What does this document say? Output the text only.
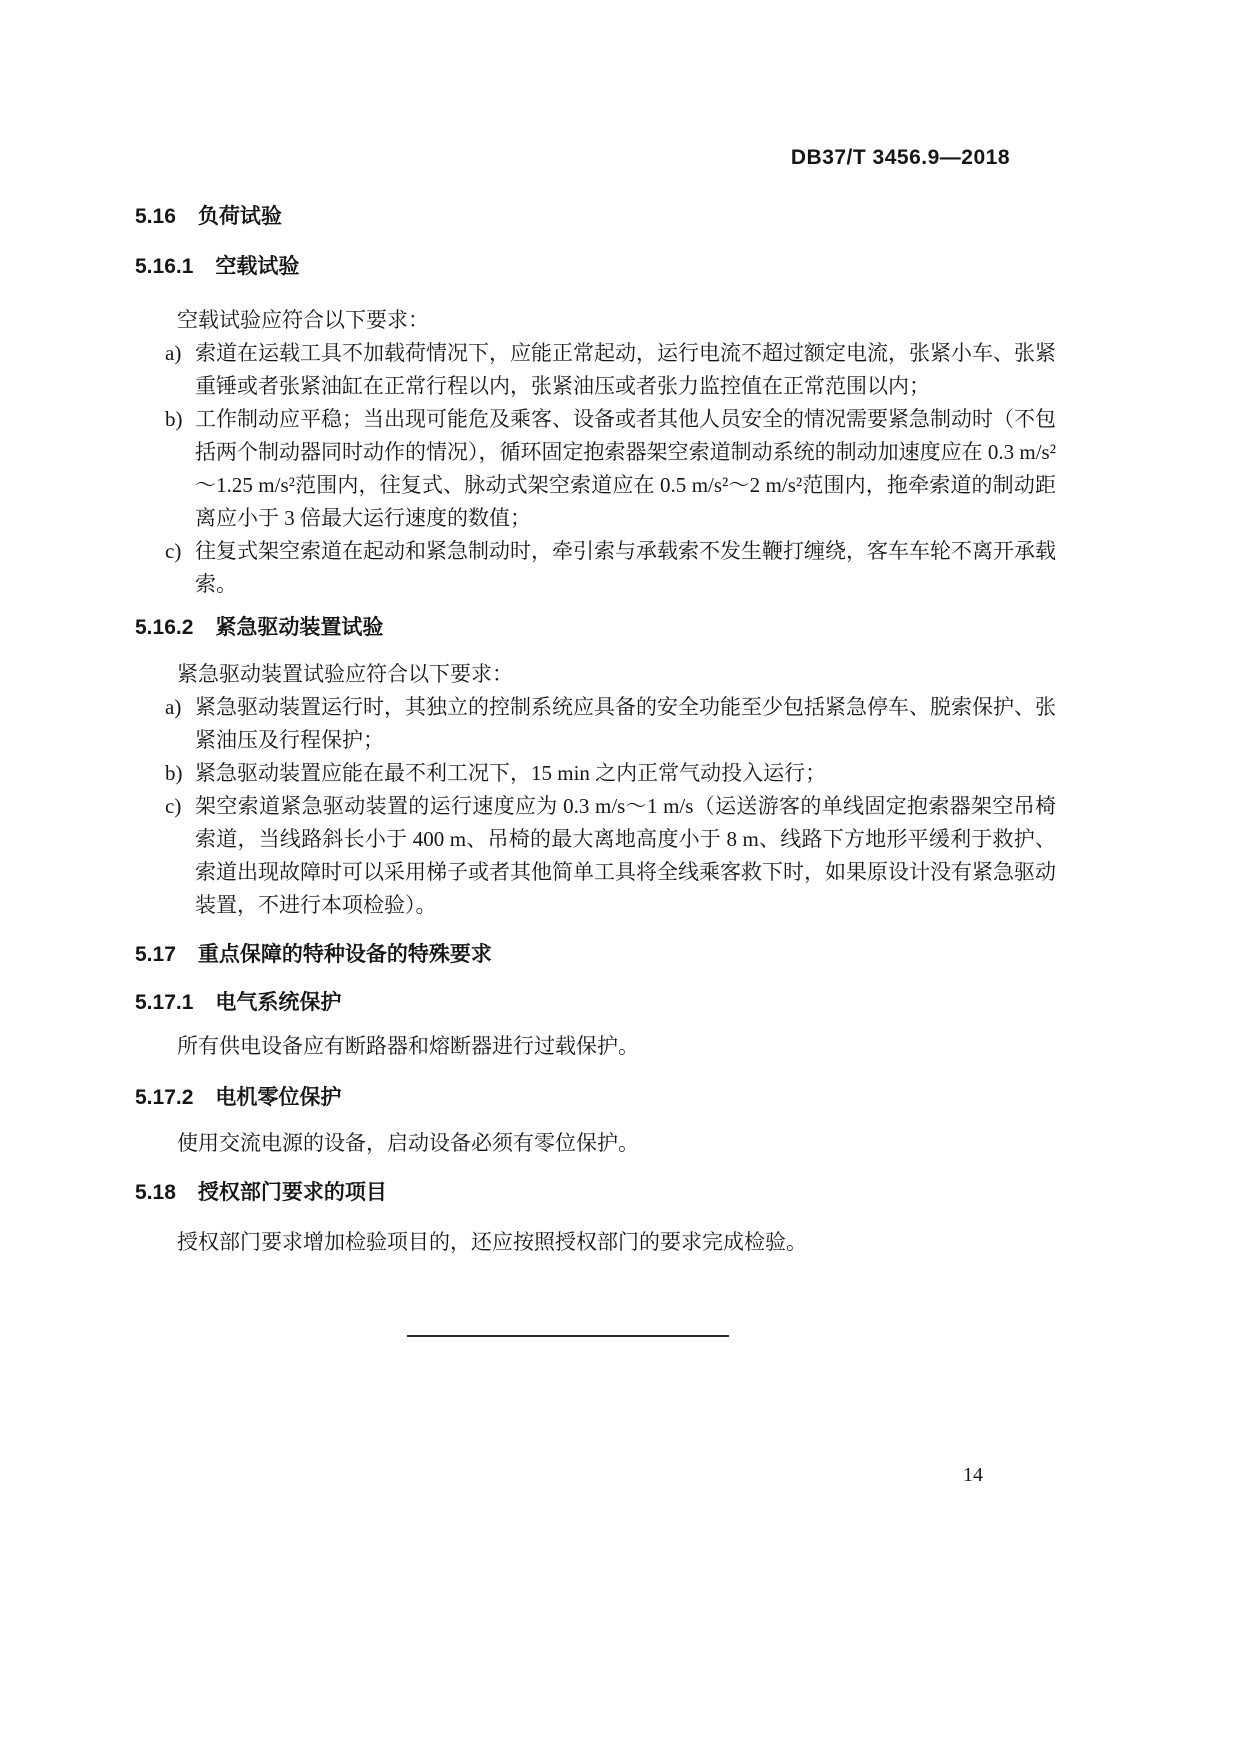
DB37/T 3456.9—2018
5.16 负荷试验
5.16.1 空载试验

空载试验应符合以下要求：

a) 索道在运载工具不加载荷情况下，应能正常起动，运行电流不超过额定电流，张紧小车、张紧重锤或者张紧油缸在正常行程以内，张紧油压或者张力监控值在正常范围以内；
b) 工作制动应平稳；当出现可能危及乘客、设备或者其他人员安全的情况需要紧急制动时（不包括两个制动器同时动作的情况），循环固定抱索器架空索道制动系统的制动加速度应在 0.3 m/s²～1.25 m/s²范围内，往复式、脉动式架空索道应在 0.5 m/s²～2 m/s²范围内，拖牵索道的制动距离应小于 3 倍最大运行速度的数值；
c) 往复式架空索道在起动和紧急制动时，牵引索与承载索不发生鞭打缠绕，客车车轮不离开承载索。
5.16.2 紧急驱动装置试验

紧急驱动装置试验应符合以下要求：

a) 紧急驱动装置运行时，其独立的控制系统应具备的安全功能至少包括紧急停车、脱索保护、张紧油压及行程保护；
b) 紧急驱动装置应能在最不利工况下，15 min 之内正常气动投入运行；
c) 架空索道紧急驱动装置的运行速度应为 0.3 m/s～1 m/s（运送游客的单线固定抱索器架空吊椅索道，当线路斜长小于 400 m、吊椅的最大离地高度小于 8 m、线路下方地形平缓利于救护、索道出现故障时可以采用梯子或者其他简单工具将全线乘客救下时，如果原设计没有紧急驱动装置，不进行本项检验）。
5.17 重点保障的特种设备的特殊要求
5.17.1 电气系统保护

所有供电设备应有断路器和熔断器进行过载保护。

5.17.2 电机零位保护

使用交流电源的设备，启动设备必须有零位保护。

5.18 授权部门要求的项目

授权部门要求增加检验项目的，还应按照授权部门的要求完成检验。

14
